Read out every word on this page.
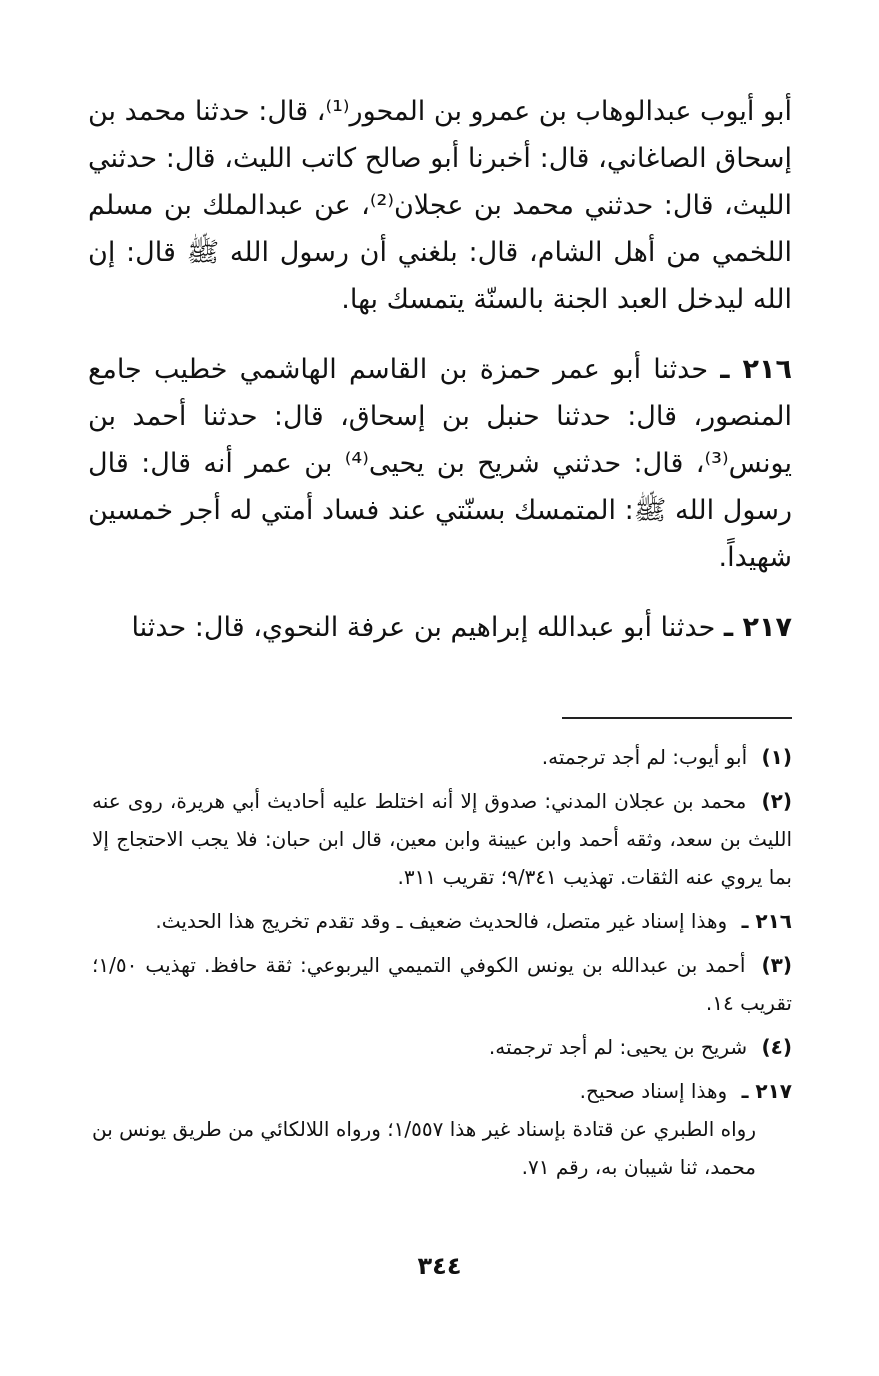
أبو أيوب عبدالوهاب بن عمرو بن المحور⁽¹⁾، قال: حدثنا محمد بن إسحاق الصاغاني، قال: أخبرنا أبو صالح كاتب الليث، قال: حدثني الليث، قال: حدثني محمد بن عجلان⁽²⁾، عن عبدالملك بن مسلم اللخمي من أهل الشام، قال: بلغني أن رسول الله ﷺ قال: إن الله ليدخل العبد الجنة بالسنّة يتمسك بها.

٢١٦ ـ حدثنا أبو عمر حمزة بن القاسم الهاشمي خطيب جامع المنصور، قال: حدثنا حنبل بن إسحاق، قال: حدثنا أحمد بن يونس⁽³⁾، قال: حدثني شريح بن يحيى⁽⁴⁾ بن عمر أنه قال: قال رسول الله ﷺ: المتمسك بسنّتي عند فساد أمتي له أجر خمسين شهيداً.

٢١٧ ـ حدثنا أبو عبدالله إبراهيم بن عرفة النحوي، قال: حدثنا

(١) أبو أيوب: لم أجد ترجمته.

(٢) محمد بن عجلان المدني: صدوق إلا أنه اختلط عليه أحاديث أبي هريرة، روى عنه الليث بن سعد، وثقه أحمد وابن عيينة وابن معين، قال ابن حبان: فلا يجب الاحتجاج إلا بما يروي عنه الثقات. تهذيب ٩/٣٤١؛ تقريب ٣١١.

٢١٦ ـ وهذا إسناد غير متصل، فالحديث ضعيف ـ وقد تقدم تخريج هذا الحديث.

(٣) أحمد بن عبدالله بن يونس الكوفي التميمي اليربوعي: ثقة حافظ. تهذيب ١/٥٠؛ تقريب ١٤.

(٤) شريح بن يحيى: لم أجد ترجمته.

٢١٧ ـ وهذا إسناد صحيح.
رواه الطبري عن قتادة بإسناد غير هذا ١/٥٥٧؛ ورواه اللالكائي من طريق يونس بن محمد، ثنا شيبان به، رقم ٧١.

٣٤٤
